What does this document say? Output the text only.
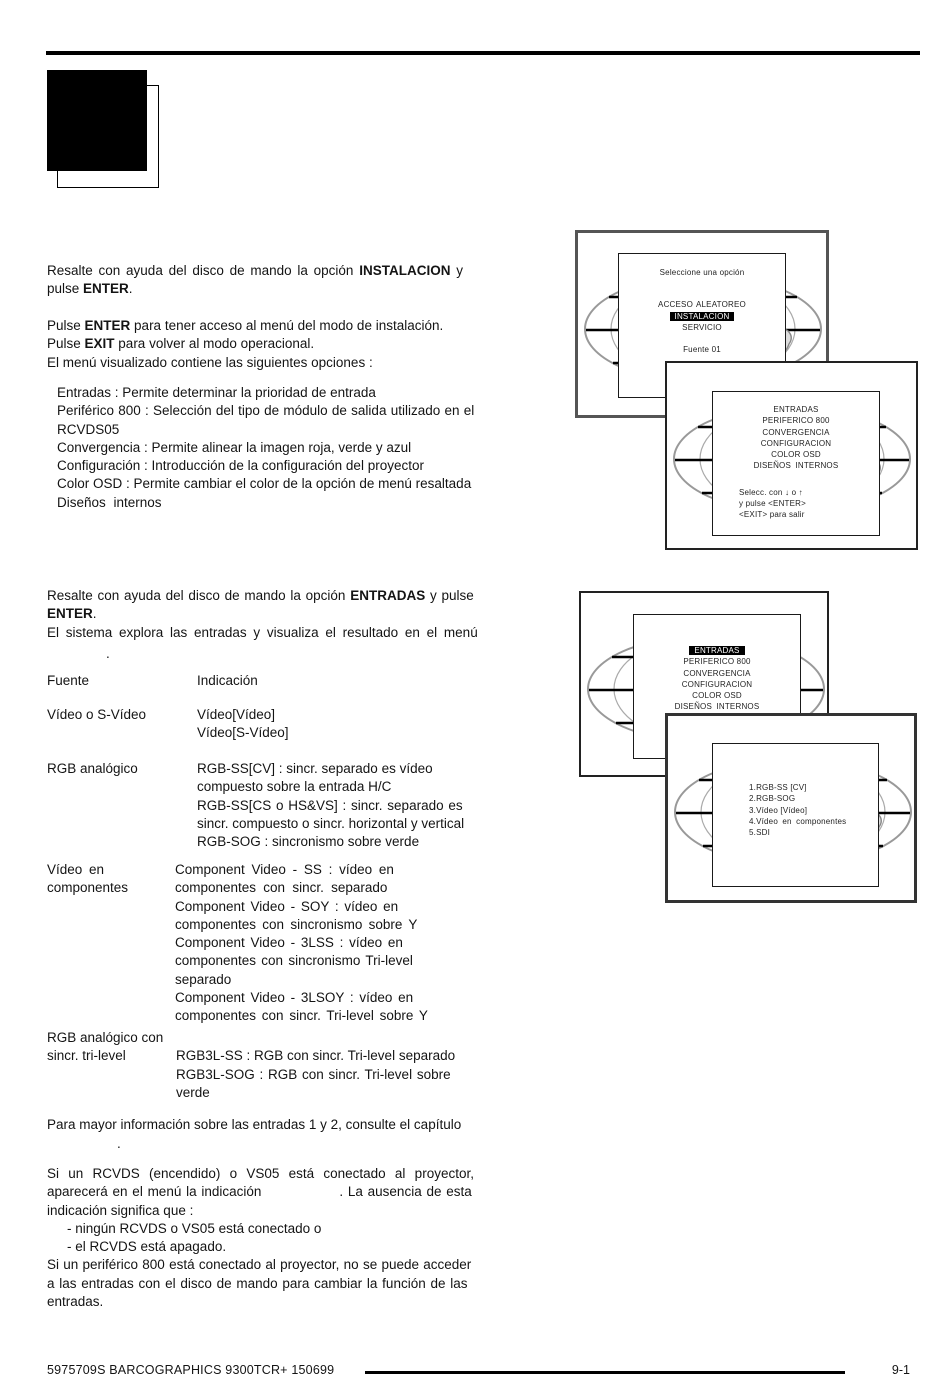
Resalte con ayuda del disco de mando la opción INSTALACION y
pulse ENTER.
Pulse ENTER para tener acceso al menú del modo de instalación.
Pulse EXIT para volver al modo operacional.
El menú visualizado contiene las siguientes opciones :
Entradas : Permite determinar la prioridad de entrada
Periférico 800 : Selección del tipo de módulo de salida utilizado en el
RCVDS05
Convergencia : Permite alinear la imagen roja, verde y azul
Configuración : Introducción de la configuración del proyector
Color OSD : Permite cambiar el color de la opción de menú resaltada
Diseños internos
Resalte con ayuda del disco de mando la opción ENTRADAS y pulse
ENTER.
El sistema explora las entradas y visualiza el resultado en el menú
.
Fuente	Indicación
Vídeo o S-Vídeo	Vídeo[Vídeo]
Vídeo[S-Vídeo]
RGB analógico	RGB-SS[CV] : sincr. separado es vídeo
compuesto sobre la entrada H/C
RGB-SS[CS o HS&VS] : sincr. separado es
sincr. compuesto o sincr. horizontal y vertical
RGB-SOG : sincronismo sobre verde
Vídeo en	Component Video - SS : vídeo en
componentes	componentes con sincr. separado
Component Video - SOY : vídeo en
componentes con sincronismo sobre Y
Component Video - 3LSS : vídeo en
componentes con sincronismo Tri-level
separado
Component Video - 3LSOY : vídeo en
componentes con sincr. Tri-level sobre Y
RGB analógico con
sincr. tri-level	RGB3L-SS : RGB con sincr. Tri-level separado
RGB3L-SOG : RGB con sincr. Tri-level sobre
verde
Para mayor información sobre las entradas 1 y 2, consulte el capítulo
.
Si un RCVDS (encendido) o VS05 está conectado al proyector,
aparecerá en el menú la indicación	. La ausencia de esta
indicación significa que :
- ningún RCVDS o VS05 está conectado o
- el RCVDS está apagado.
Si un periférico 800 está conectado al proyector, no se puede acceder
a las entradas con el disco de mando para cambiar la función de las
entradas.
Seleccione una opción
ACCESO ALEATOREO
INSTALACION
SERVICIO
Fuente 01
ENTRADAS
PERIFERICO 800
CONVERGENCIA
CONFIGURACION
COLOR OSD
DISEÑOS INTERNOS
Selecc. con ↓ o ↑
y pulse <ENTER>
<EXIT> para salir
ENTRADAS
PERIFERICO 800
CONVERGENCIA
CONFIGURACION
COLOR OSD
DISEÑOS INTERNOS
1.RGB-SS [CV]
2.RGB-SOG
3.Vídeo [Vídeo]
4.Vídeo en componentes
5.SDI
5975709S BARCOGRAPHICS 9300TCR+ 150699	9-1
